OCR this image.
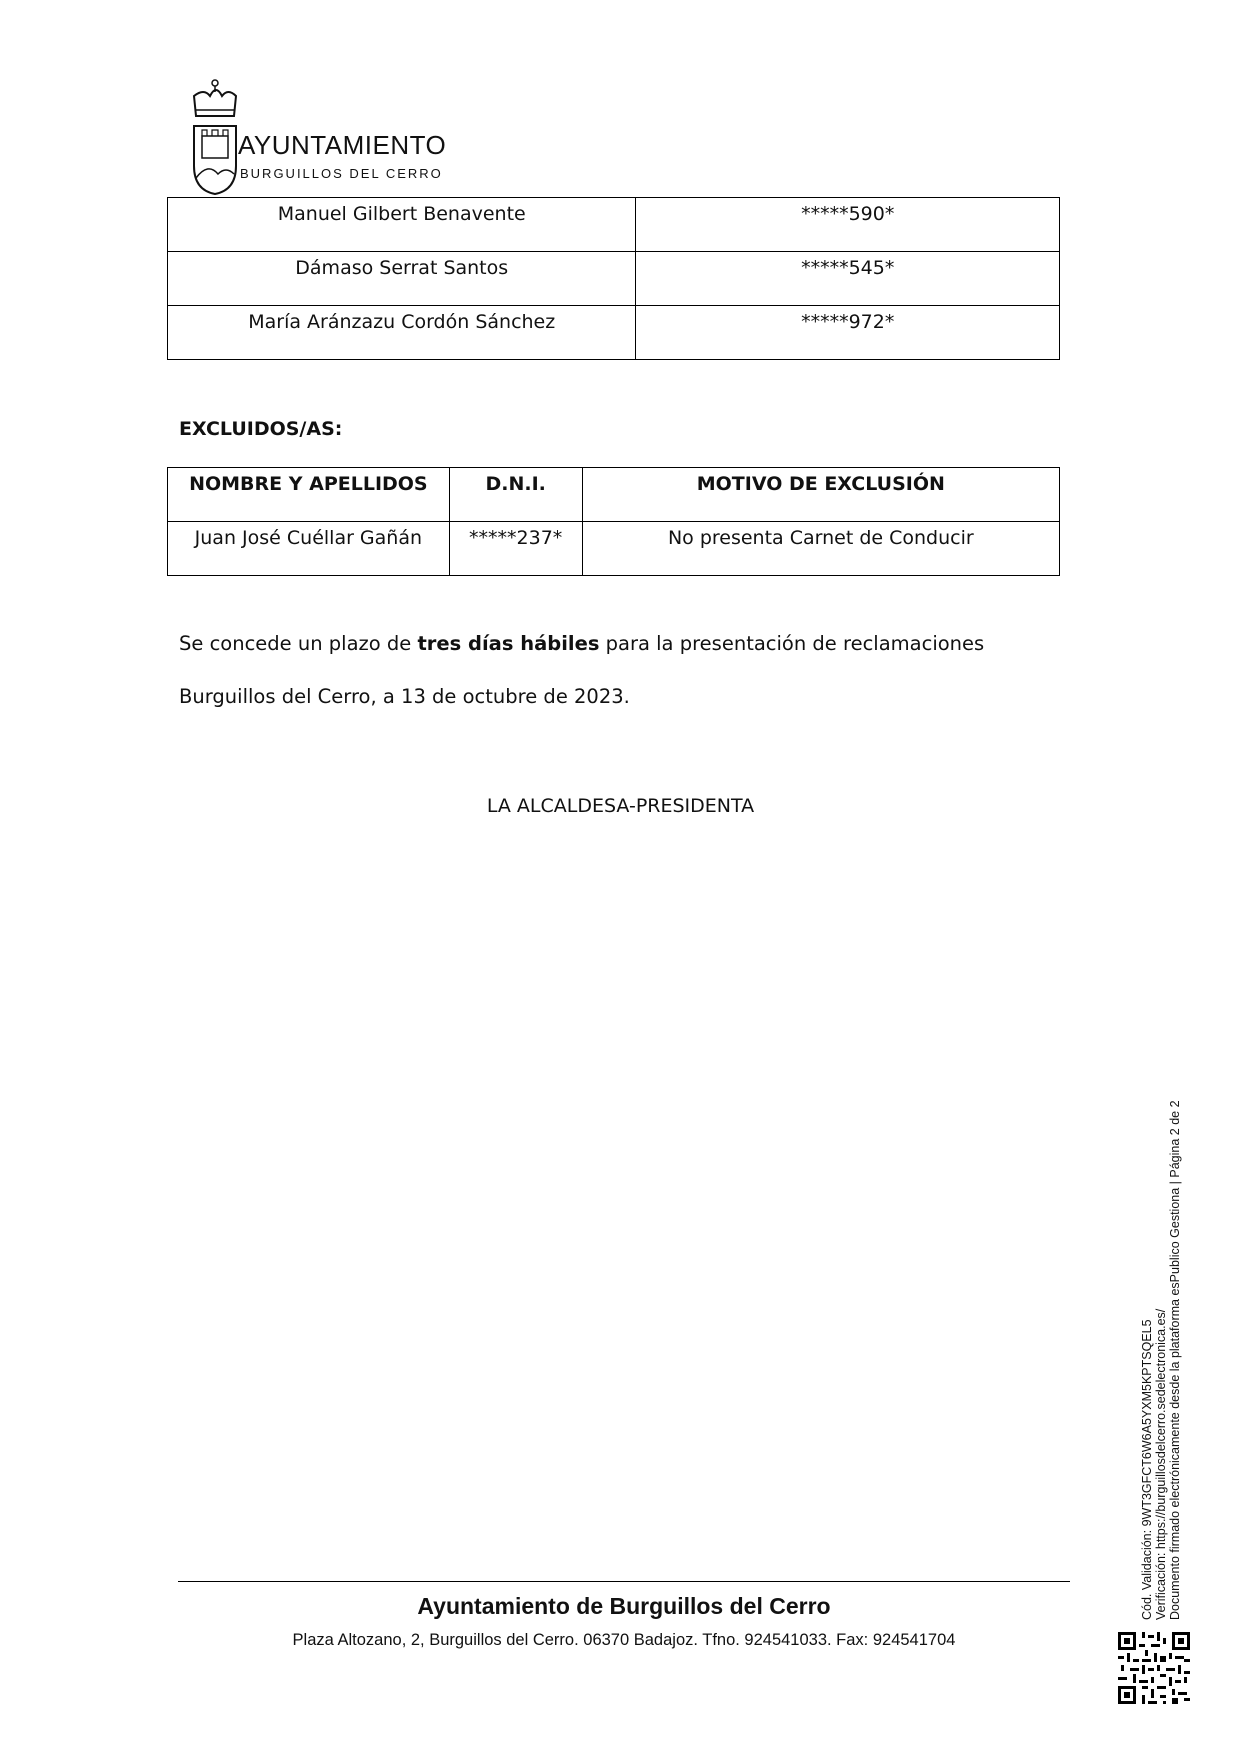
AYUNTAMIENTO
BURGUILLOS DEL CERRO
Manuel Gilbert Benavente	*****590*
Dámaso Serrat Santos	*****545*
María Aránzazu Cordón Sánchez	*****972*
EXCLUIDOS/AS:
NOMBRE Y APELLIDOS	D.N.I.	MOTIVO DE EXCLUSIÓN
Juan José Cuéllar Gañán	*****237*	No presenta Carnet de Conducir
Se concede un plazo de tres días hábiles para la presentación de reclamaciones
Burguillos del Cerro, a 13 de octubre de 2023.
LA ALCALDESA-PRESIDENTA
Ayuntamiento de Burguillos del Cerro
Plaza Altozano, 2, Burguillos del Cerro. 06370 Badajoz. Tfno. 924541033. Fax: 924541704
Cód. Validación: 9WT3GFCT6W6A5YXM5KPTSQEL5 Verificación: https://burguillosdelcerro.sedelectronica.es/ Documento firmado electrónicamente desde la plataforma esPublico Gestiona | Página 2 de 2
